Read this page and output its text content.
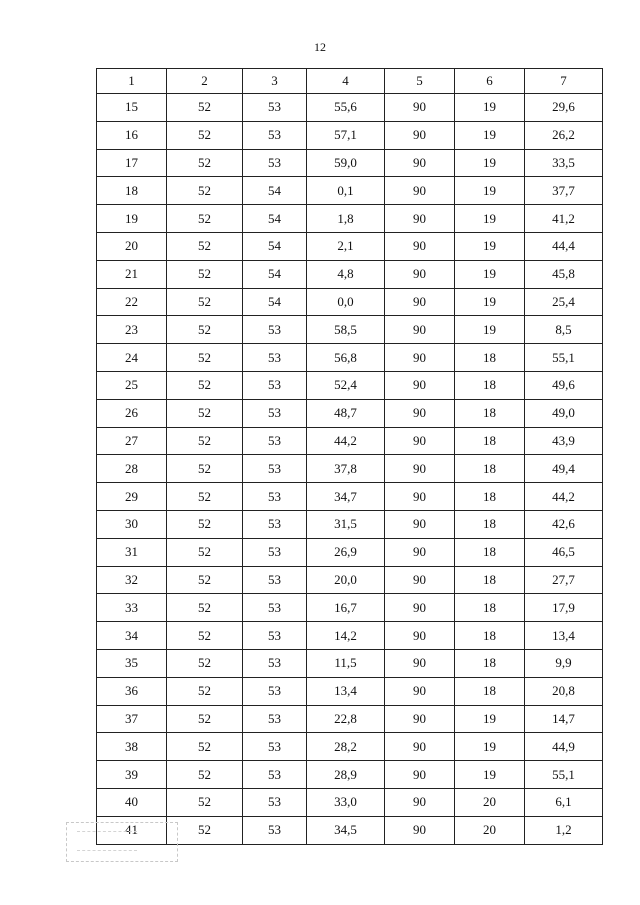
12
1	2	3	4	5	6	7
15	52	53	55,6	90	19	29,6
16	52	53	57,1	90	19	26,2
17	52	53	59,0	90	19	33,5
18	52	54	0,1	90	19	37,7
19	52	54	1,8	90	19	41,2
20	52	54	2,1	90	19	44,4
21	52	54	4,8	90	19	45,8
22	52	54	0,0	90	19	25,4
23	52	53	58,5	90	19	8,5
24	52	53	56,8	90	18	55,1
25	52	53	52,4	90	18	49,6
26	52	53	48,7	90	18	49,0
27	52	53	44,2	90	18	43,9
28	52	53	37,8	90	18	49,4
29	52	53	34,7	90	18	44,2
30	52	53	31,5	90	18	42,6
31	52	53	26,9	90	18	46,5
32	52	53	20,0	90	18	27,7
33	52	53	16,7	90	18	17,9
34	52	53	14,2	90	18	13,4
35	52	53	11,5	90	18	9,9
36	52	53	13,4	90	18	20,8
37	52	53	22,8	90	19	14,7
38	52	53	28,2	90	19	44,9
39	52	53	28,9	90	19	55,1
40	52	53	33,0	90	20	6,1
41	52	53	34,5	90	20	1,2
